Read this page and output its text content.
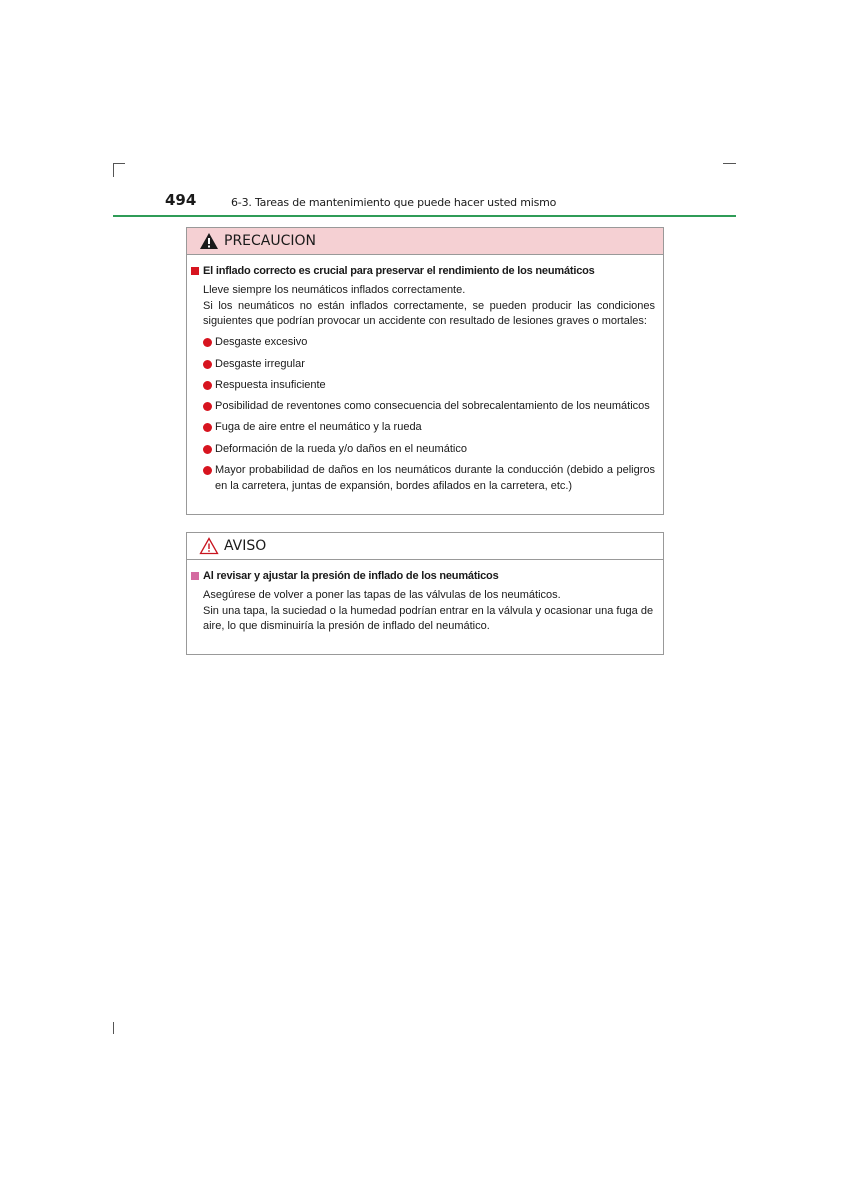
494	6-3. Tareas de mantenimiento que puede hacer usted mismo
PRECAUCION
El inflado correcto es crucial para preservar el rendimiento de los neumáticos
Lleve siempre los neumáticos inflados correctamente.
Si los neumáticos no están inflados correctamente, se pueden producir las condiciones siguientes que podrían provocar un accidente con resultado de lesiones graves o mortales:
Desgaste excesivo
Desgaste irregular
Respuesta insuficiente
Posibilidad de reventones como consecuencia del sobrecalentamiento de los neumáticos
Fuga de aire entre el neumático y la rueda
Deformación de la rueda y/o daños en el neumático
Mayor probabilidad de daños en los neumáticos durante la conducción (debido a peligros en la carretera, juntas de expansión, bordes afilados en la carretera, etc.)
AVISO
Al revisar y ajustar la presión de inflado de los neumáticos
Asegúrese de volver a poner las tapas de las válvulas de los neumáticos.
Sin una tapa, la suciedad o la humedad podrían entrar en la válvula y ocasionar una fuga de aire, lo que disminuiría la presión de inflado del neumático.
